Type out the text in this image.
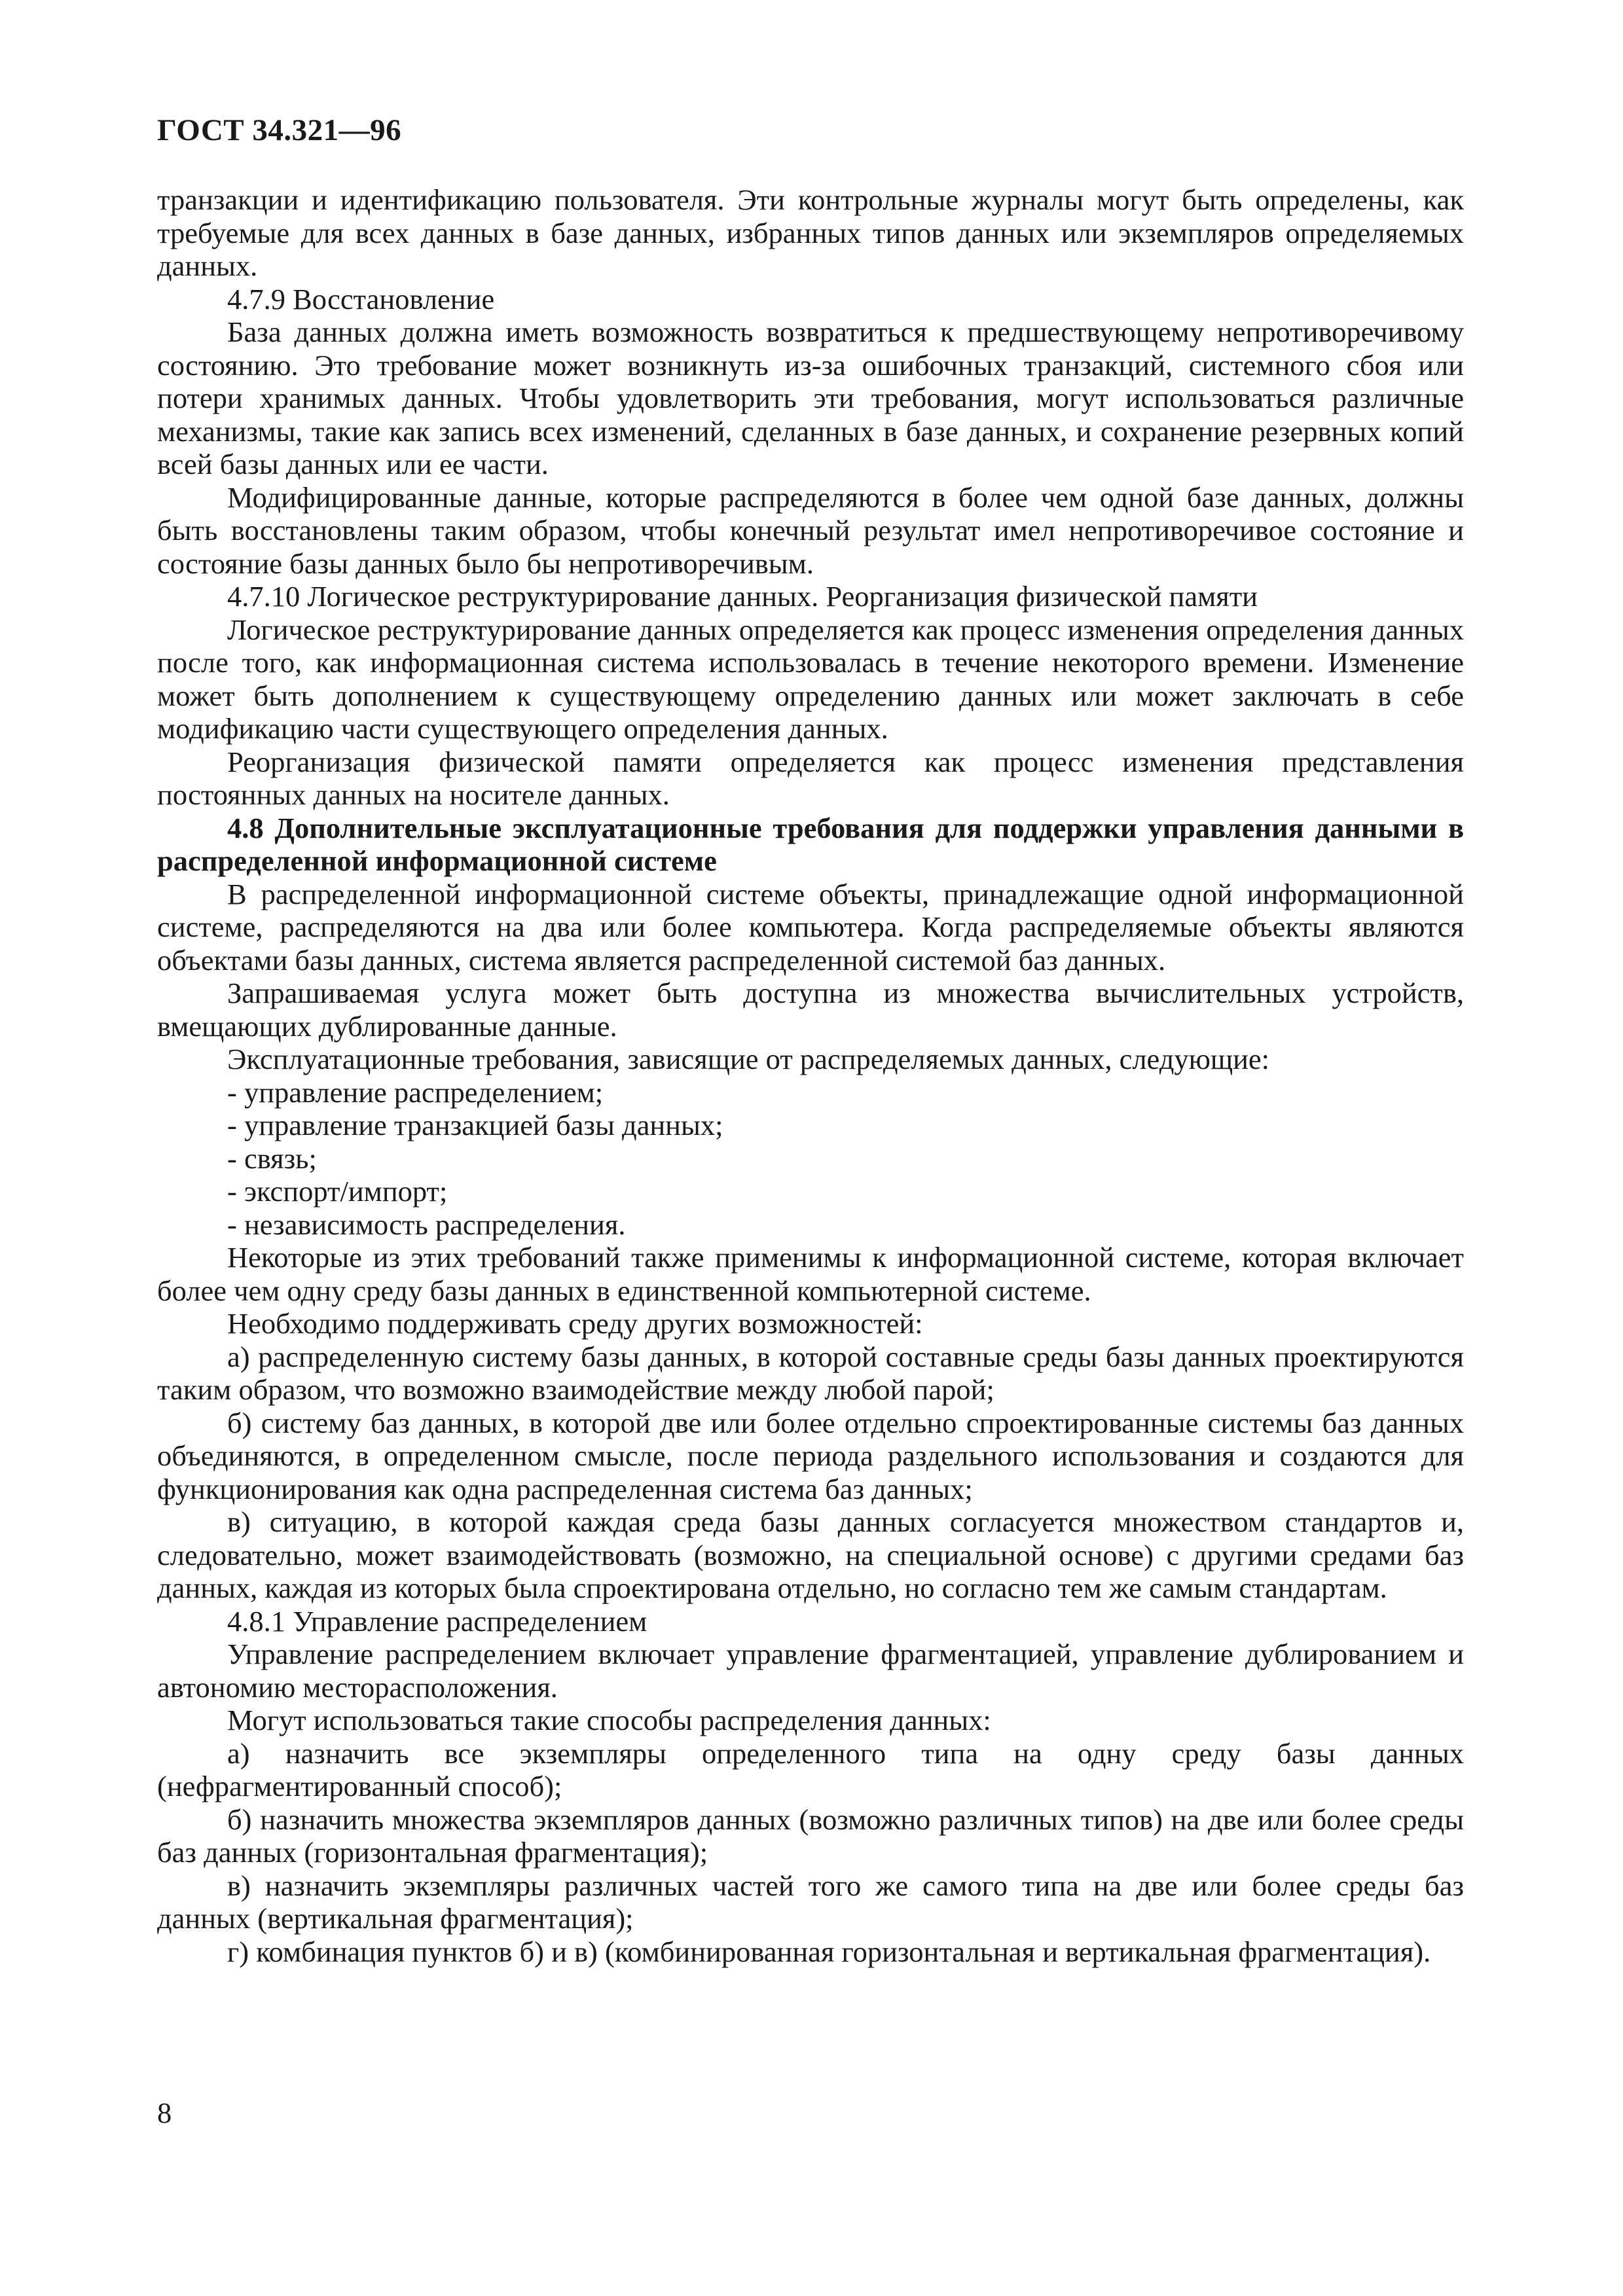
ГОСТ 34.321—96

транзакции и идентификацию пользователя. Эти контрольные журналы могут быть определены, как требуемые для всех данных в базе данных, избранных типов данных или экземпляров определяемых данных.

4.7.9 Восстановление

База данных должна иметь возможность возвратиться к предшествующему непротиворечивому состоянию. Это требование может возникнуть из-за ошибочных транзакций, системного сбоя или потери хранимых данных. Чтобы удовлетворить эти требования, могут использоваться различные механизмы, такие как запись всех изменений, сделанных в базе данных, и сохранение резервных копий всей базы данных или ее части.

Модифицированные данные, которые распределяются в более чем одной базе данных, должны быть восстановлены таким образом, чтобы конечный результат имел непротиворечивое состояние и состояние базы данных было бы непротиворечивым.

4.7.10 Логическое реструктурирование данных. Реорганизация физической памяти

Логическое реструктурирование данных определяется как процесс изменения определения данных после того, как информационная система использовалась в течение некоторого времени. Изменение может быть дополнением к существующему определению данных или может заключать в себе модификацию части существующего определения данных.

Реорганизация физической памяти определяется как процесс изменения представления постоянных данных на носителе данных.

4.8 Дополнительные эксплуатационные требования для поддержки управления данными в распределенной информационной системе

В распределенной информационной системе объекты, принадлежащие одной информационной системе, распределяются на два или более компьютера. Когда распределяемые объекты являются объектами базы данных, система является распределенной системой баз данных.

Запрашиваемая услуга может быть доступна из множества вычислительных устройств, вмещающих дублированные данные.

Эксплуатационные требования, зависящие от распределяемых данных, следующие:

- управление распределением;

- управление транзакцией базы данных;

- связь;

- экспорт/импорт;

- независимость распределения.

Некоторые из этих требований также применимы к информационной системе, которая включает более чем одну среду базы данных в единственной компьютерной системе.

Необходимо поддерживать среду других возможностей:

а) распределенную систему базы данных, в которой составные среды базы данных проектируются таким образом, что возможно взаимодействие между любой парой;

б) систему баз данных, в которой две или более отдельно спроектированные системы баз данных объединяются, в определенном смысле, после периода раздельного использования и создаются для функционирования как одна распределенная система баз данных;

в) ситуацию, в которой каждая среда базы данных согласуется множеством стандартов и, следовательно, может взаимодействовать (возможно, на специальной основе) с другими средами баз данных, каждая из которых была спроектирована отдельно, но согласно тем же самым стандартам.

4.8.1 Управление распределением

Управление распределением включает управление фрагментацией, управление дублированием и автономию месторасположения.

Могут использоваться такие способы распределения данных:

а) назначить все экземпляры определенного типа на одну среду базы данных (нефрагментированный способ);

б) назначить множества экземпляров данных (возможно различных типов) на две или более среды баз данных (горизонтальная фрагментация);

в) назначить экземпляры различных частей того же самого типа на две или более среды баз данных (вертикальная фрагментация);

г) комбинация пунктов б) и в) (комбинированная горизонтальная и вертикальная фрагментация).

8
